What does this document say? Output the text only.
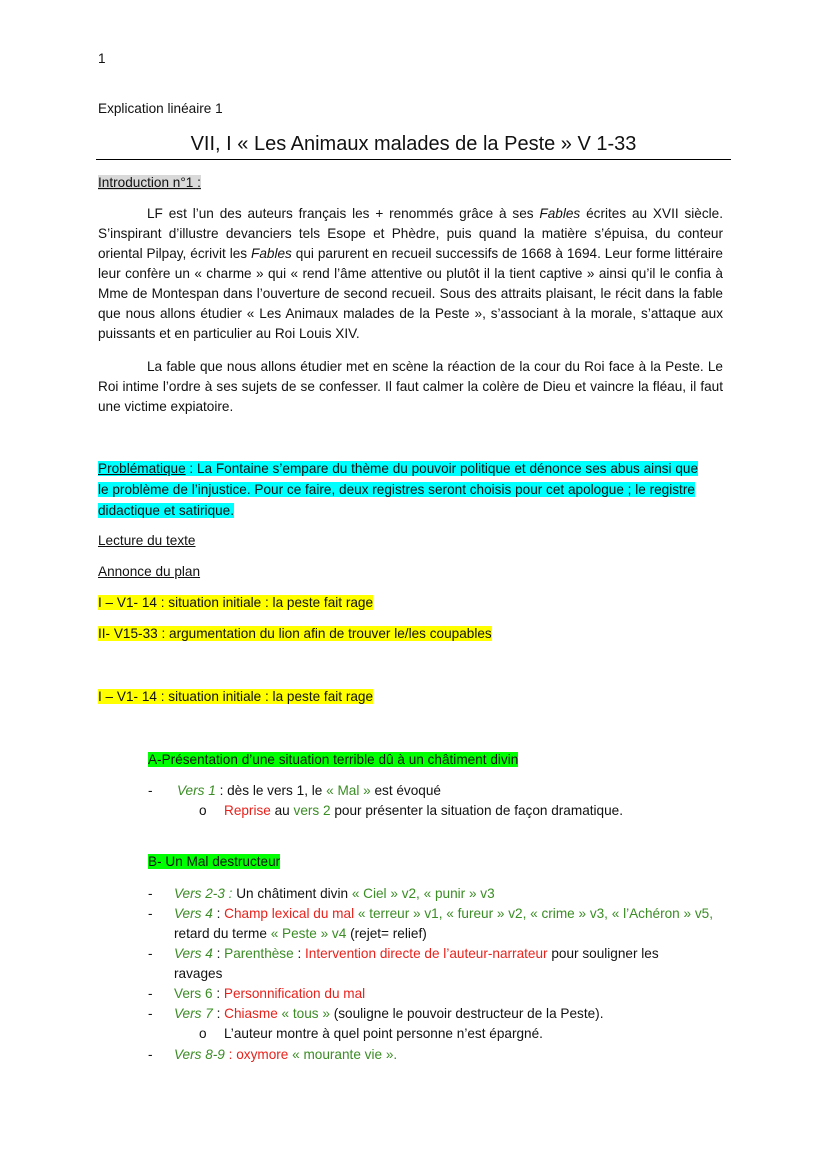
1
Explication linéaire 1
VII, I « Les Animaux malades de la Peste » V 1-33
Introduction n°1 :
LF est l’un des auteurs français les + renommés grâce à ses Fables écrites au XVII siècle. S’inspirant d’illustre devanciers tels Esope et Phèdre, puis quand la matière s’épuisa, du conteur oriental Pilpay, écrivit les Fables qui parurent en recueil successifs de 1668 à 1694. Leur forme littéraire leur confère un « charme » qui « rend l’âme attentive ou plutôt il la tient captive » ainsi qu’il le confia à Mme de Montespan dans l’ouverture de second recueil. Sous des attraits plaisant, le récit dans la fable que nous allons étudier « Les Animaux malades de la Peste », s’associant à la morale, s’attaque aux puissants et en particulier au Roi Louis XIV.
La fable que nous allons étudier met en scène la réaction de la cour du Roi face à la Peste. Le Roi intime l’ordre à ses sujets de se confesser. Il faut calmer la colère de Dieu et vaincre la fléau, il faut une victime expiatoire.
Problématique : La Fontaine s’empare du thème du pouvoir politique et dénonce ses abus ainsi que
le problème de l’injustice. Pour ce faire, deux registres seront choisis pour cet apologue ; le registre
didactique et satirique.
Lecture du texte
Annonce du plan
I – V1- 14 : situation initiale : la peste fait rage
II- V15-33 : argumentation du lion afin de trouver le/les coupables
I – V1- 14 : situation initiale : la peste fait rage
A-Présentation d’une situation terrible dû à un châtiment divin
- Vers 1 : dès le vers 1, le « Mal » est évoqué
o Reprise au vers 2 pour présenter la situation de façon dramatique.
B- Un Mal destructeur
- Vers 2-3 : Un châtiment divin « Ciel » v2, « punir » v3
- Vers 4 : Champ lexical du mal « terreur » v1, « fureur » v2, « crime » v3, « l’Achéron » v5,
retard du terme « Peste » v4 (rejet= relief)
- Vers 4 : Parenthèse : Intervention directe de l’auteur-narrateur pour souligner les
ravages
- Vers 6 : Personnification du mal
- Vers 7 : Chiasme « tous » (souligne le pouvoir destructeur de la Peste).
o L’auteur montre à quel point personne n’est épargné.
- Vers 8-9 : oxymore « mourante vie ».
